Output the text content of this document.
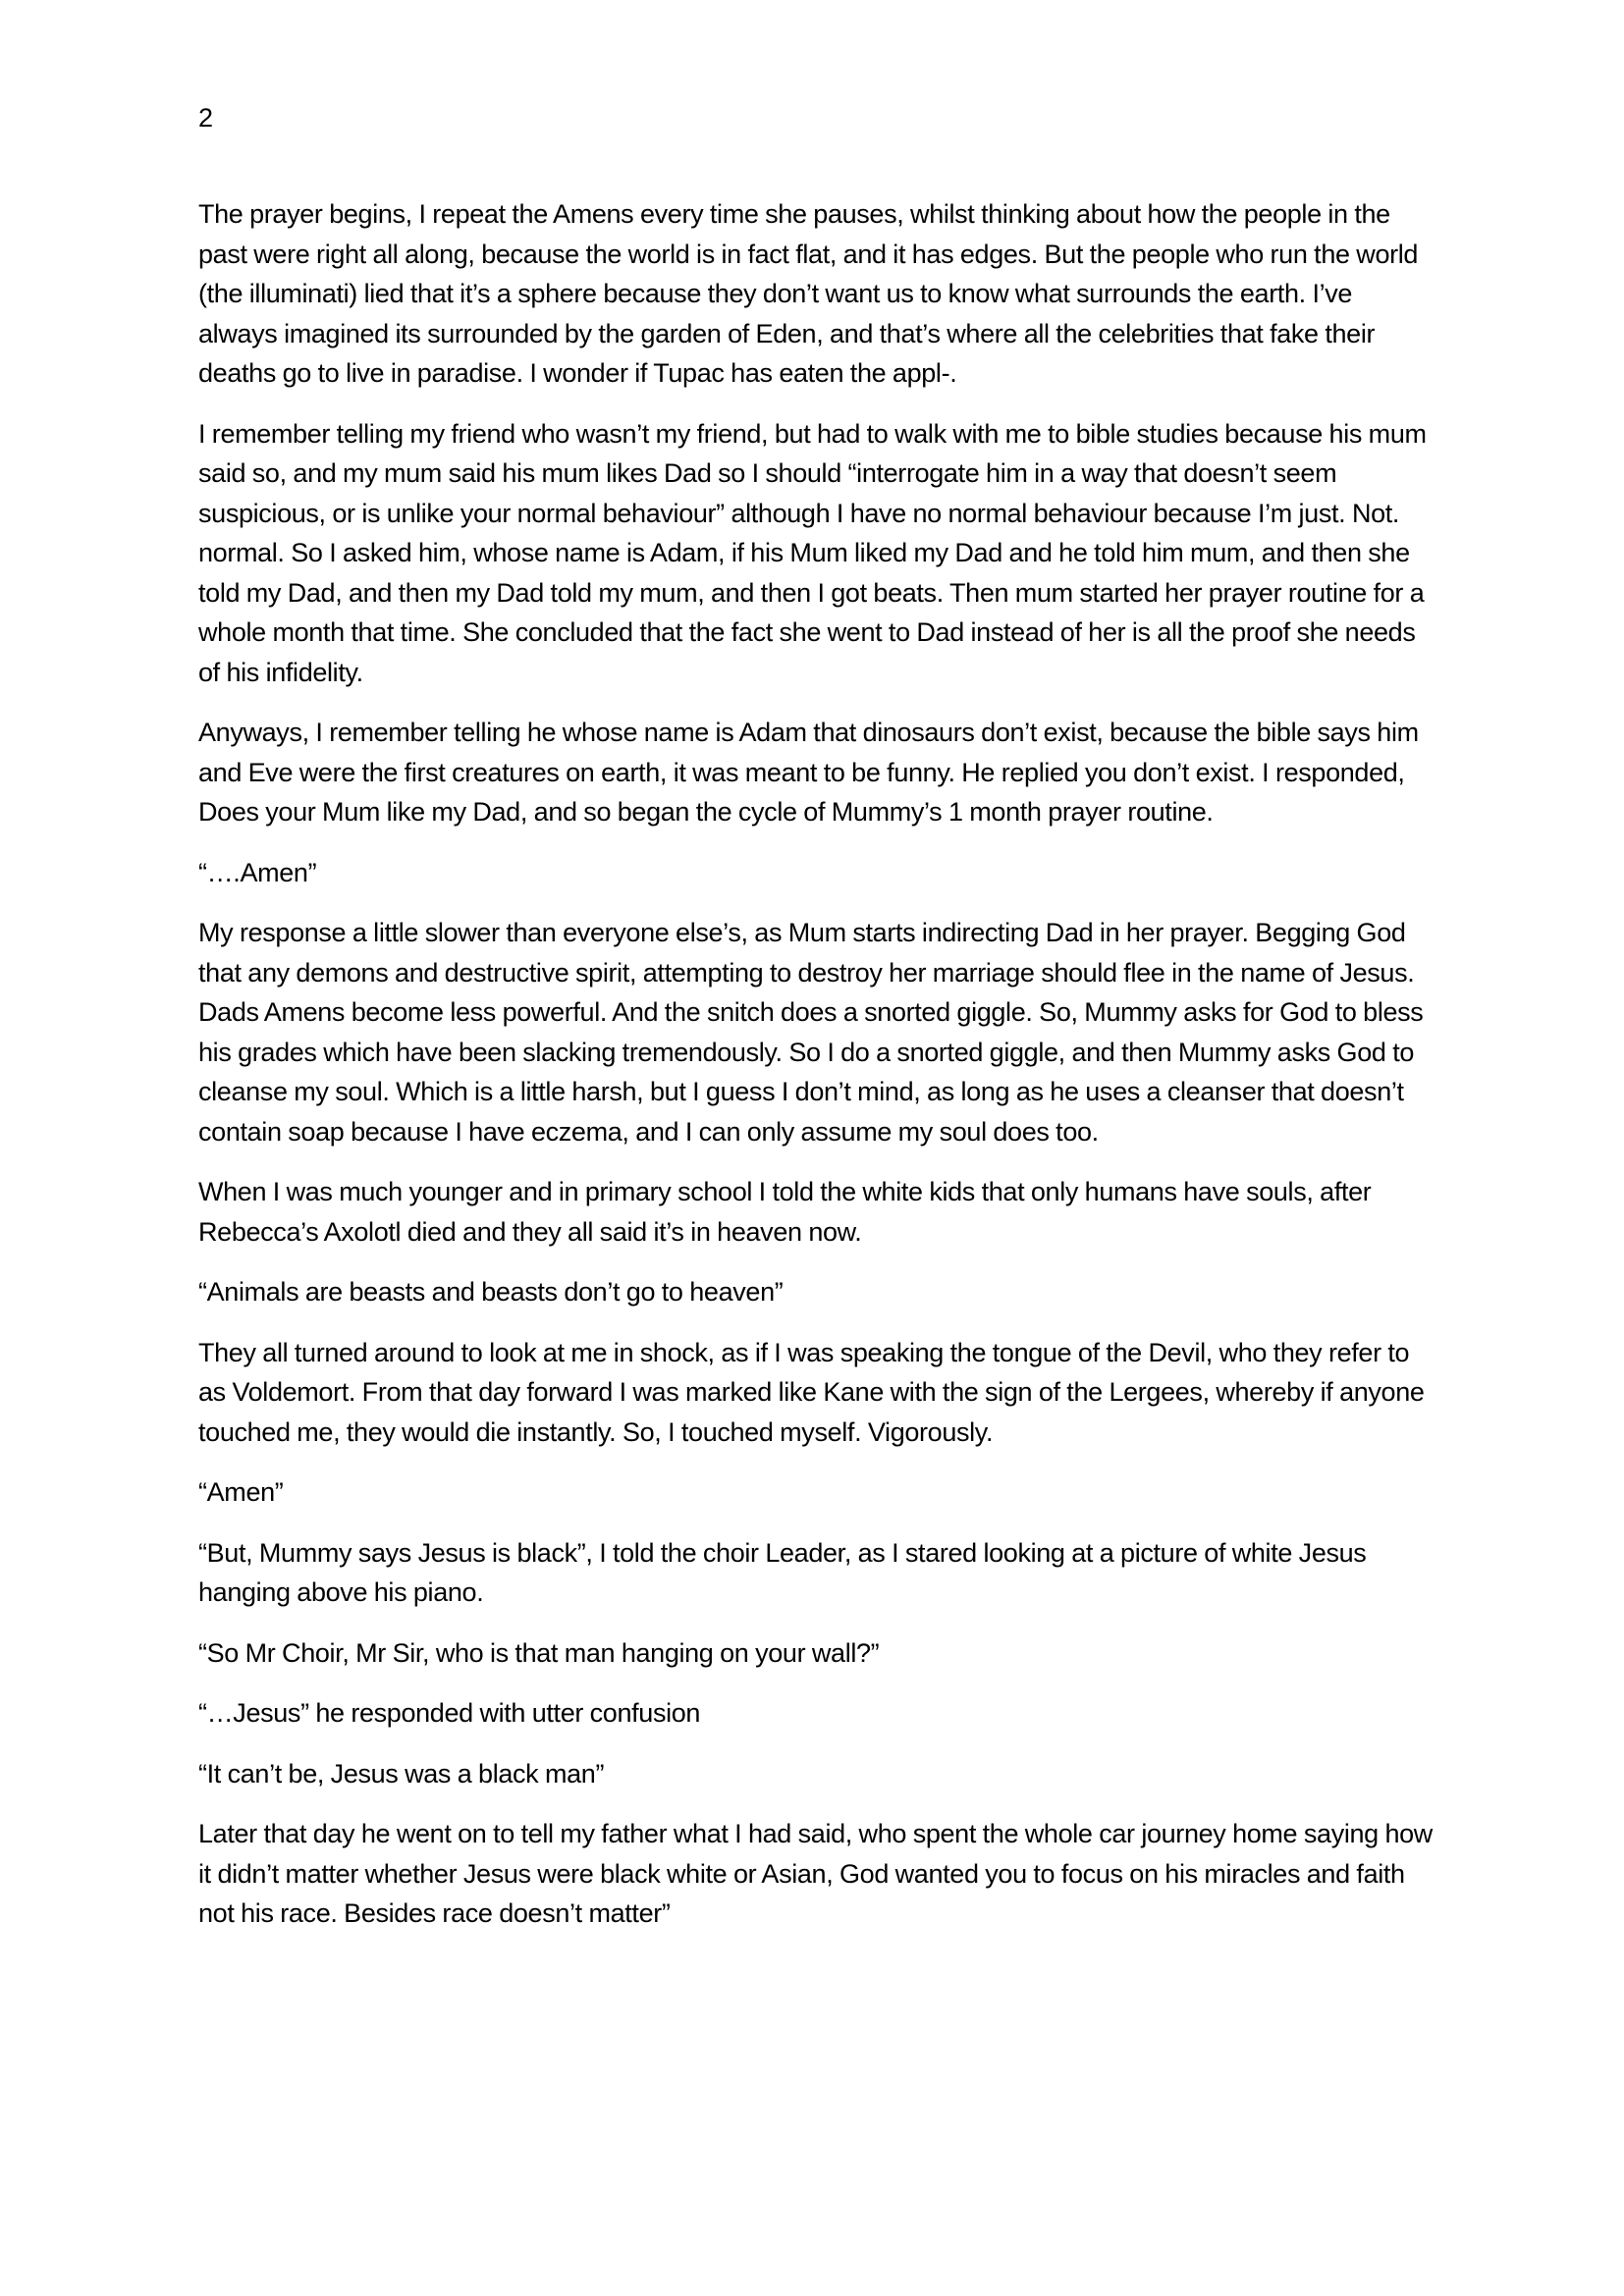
2

The prayer begins, I repeat the Amens every time she pauses, whilst thinking about how the people in the past were right all along, because the world is in fact flat, and it has edges. But the people who run the world (the illuminati) lied that it’s a sphere because they don’t want us to know what surrounds the earth. I’ve always imagined its surrounded by the garden of Eden, and that’s where all the celebrities that fake their deaths go to live in paradise. I wonder if Tupac has eaten the appl-.

I remember telling my friend who wasn’t my friend, but had to walk with me to bible studies because his mum said so, and my mum said his mum likes Dad so I should “interrogate him in a way that doesn’t seem suspicious, or is unlike your normal behaviour” although I have no normal behaviour because I’m just. Not. normal. So I asked him, whose name is Adam, if his Mum liked my Dad and he told him mum, and then she told my Dad, and then my Dad told my mum, and then I got beats. Then mum started her prayer routine for a whole month that time. She concluded that the fact she went to Dad instead of her is all the proof she needs of his infidelity.

Anyways, I remember telling he whose name is Adam that dinosaurs don’t exist, because the bible says him and Eve were the first creatures on earth, it was meant to be funny. He replied you don’t exist. I responded, Does your Mum like my Dad, and so began the cycle of Mummy’s 1 month prayer routine.

“….Amen”

My response a little slower than everyone else’s, as Mum starts indirecting Dad in her prayer. Begging God that any demons and destructive spirit, attempting to destroy her marriage should flee in the name of Jesus. Dads Amens become less powerful. And the snitch does a snorted giggle. So, Mummy asks for God to bless his grades which have been slacking tremendously. So I do a snorted giggle, and then Mummy asks God to cleanse my soul. Which is a little harsh, but I guess I don’t mind, as long as he uses a cleanser that doesn’t contain soap because I have eczema, and I can only assume my soul does too.

When I was much younger and in primary school I told the white kids that only humans have souls, after Rebecca’s Axolotl died and they all said it’s in heaven now.

“Animals are beasts and beasts don’t go to heaven”

They all turned around to look at me in shock, as if I was speaking the tongue of the Devil, who they refer to as Voldemort. From that day forward I was marked like Kane with the sign of the Lergees, whereby if anyone touched me, they would die instantly. So, I touched myself. Vigorously.

“Amen”

“But, Mummy says Jesus is black”, I told the choir Leader, as I stared looking at a picture of white Jesus hanging above his piano.

“So Mr Choir, Mr Sir, who is that man hanging on your wall?”

“…Jesus” he responded with utter confusion

“It can’t be, Jesus was a black man”

Later that day he went on to tell my father what I had said, who spent the whole car journey home saying how it didn’t matter whether Jesus were black white or Asian, God wanted you to focus on his miracles and faith not his race. Besides race doesn’t matter”
